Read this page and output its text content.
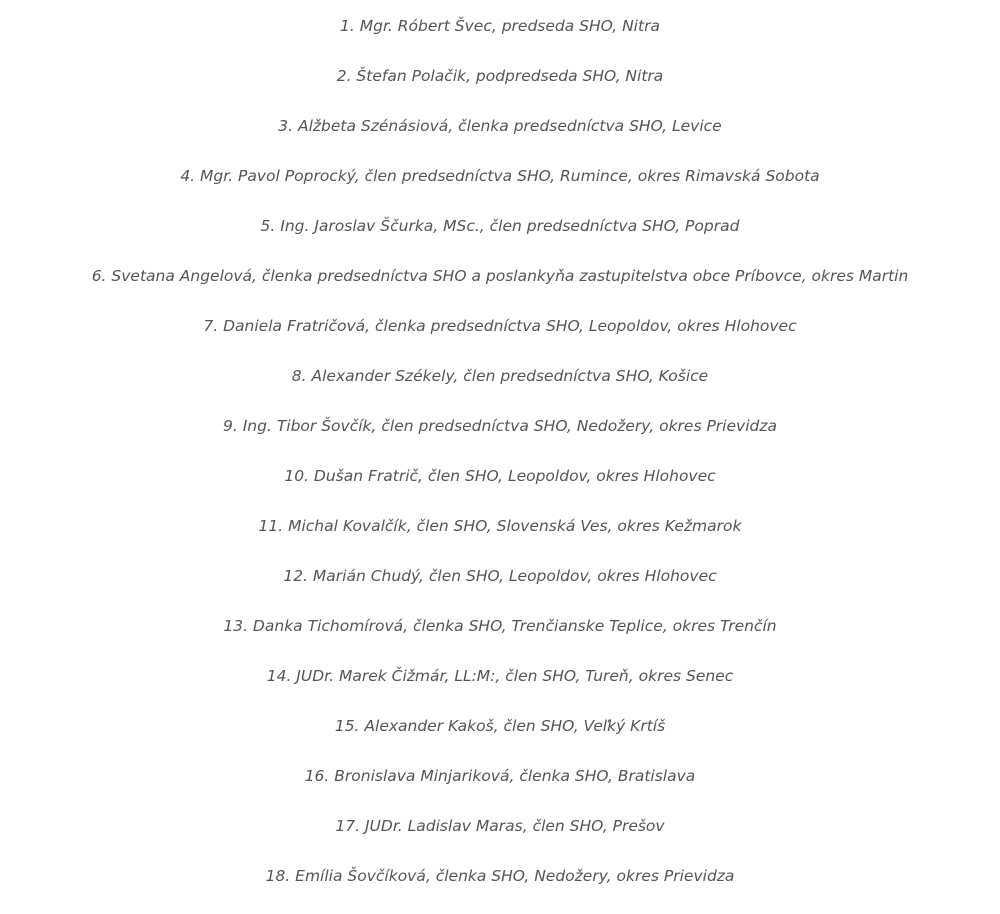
1. Mgr. Róbert Švec, predseda SHO, Nitra
2. Štefan Polačik, podpredseda SHO, Nitra
3. Alžbeta Szénásiová, členka predsedníctva SHO, Levice
4. Mgr. Pavol Poprocký, člen predsedníctva SHO, Rumince, okres Rimavská Sobota
5. Ing. Jaroslav Ščurka, MSc., člen predsedníctva SHO, Poprad
6. Svetana Angelová, členka predsedníctva SHO a poslankyňa zastupitelstva obce Príbovce, okres Martin
7. Daniela Fratričová, členka predsedníctva SHO, Leopoldov, okres Hlohovec
8. Alexander Székely, člen predsedníctva SHO, Košice
9. Ing. Tibor Šovčík, člen predsedníctva SHO, Nedožery, okres Prievidza
10. Dušan Fratrič, člen SHO, Leopoldov, okres Hlohovec
11. Michal Kovalčík, člen SHO, Slovenská Ves, okres Kežmarok
12. Marián Chudý, člen SHO, Leopoldov, okres Hlohovec
13. Danka Tichomírová, členka SHO, Trenčianske Teplice, okres Trenčín
14. JUDr. Marek Čižmár, LL:M:, člen SHO, Tureň, okres Senec
15. Alexander Kakoš, člen SHO, Veľký Krtíš
16. Bronislava Minjariková, členka SHO, Bratislava
17. JUDr. Ladislav Maras, člen SHO, Prešov
18. Emília Šovčíková, členka SHO, Nedožery, okres Prievidza
